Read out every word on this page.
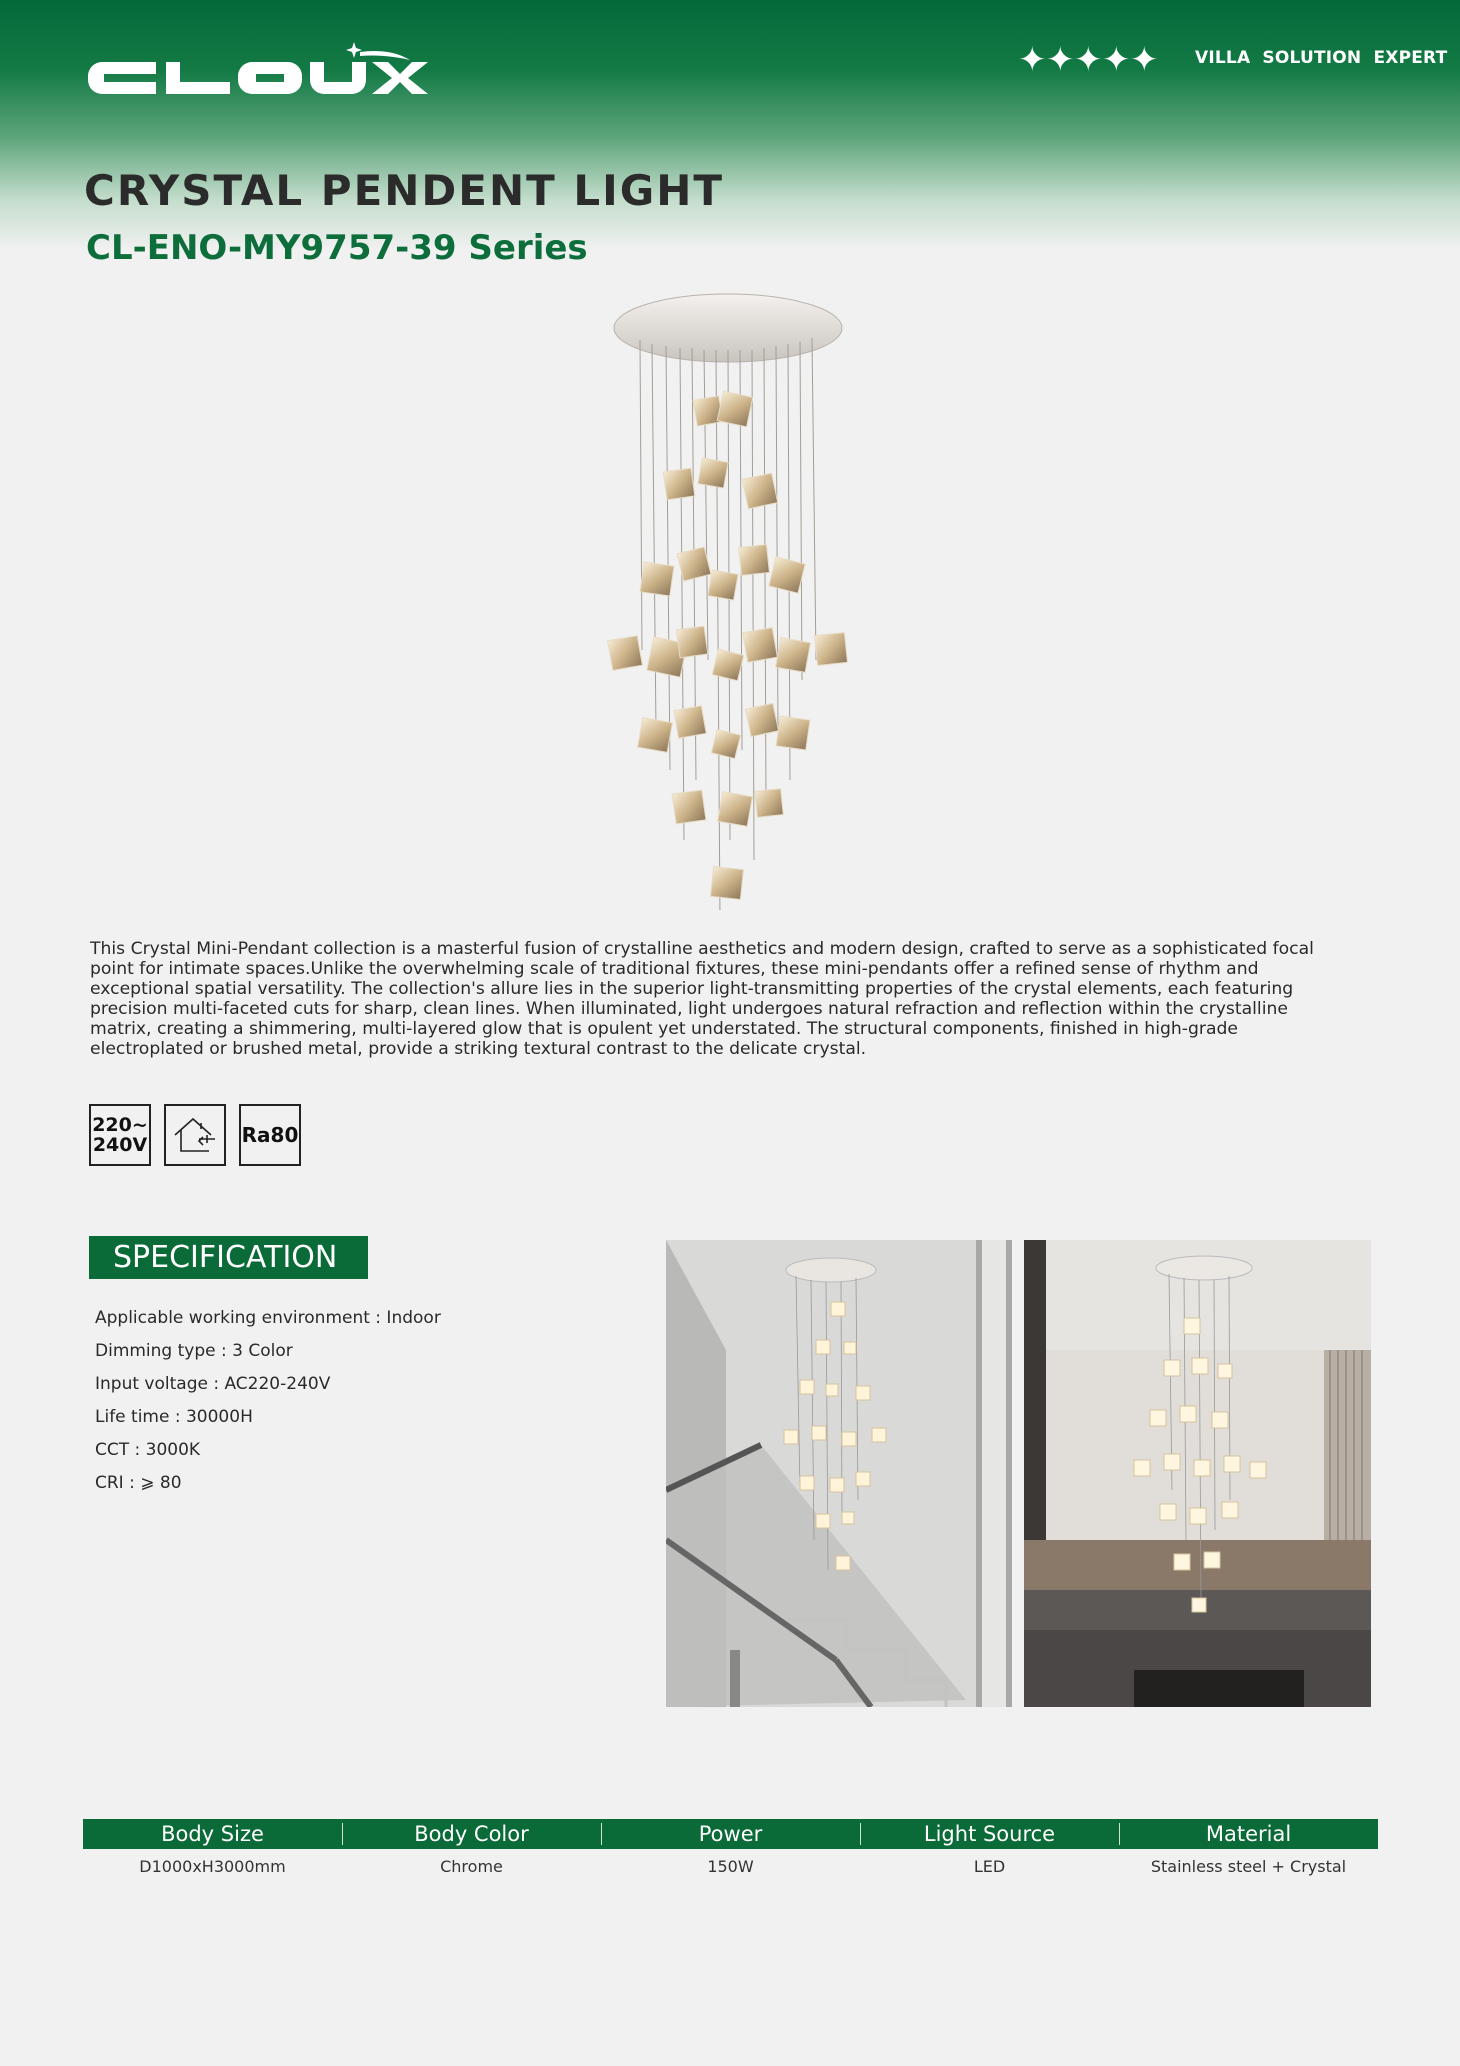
✦ ✦ ✦ ✦ ✦ VILLA SOLUTION EXPERT
CRYSTAL PENDENT LIGHT
CL-ENO-MY9757-39 Series

This Crystal Mini-Pendant collection is a masterful fusion of crystalline aesthetics and modern design, crafted to serve as a sophisticated focal point for intimate spaces.Unlike the overwhelming scale of traditional fixtures, these mini-pendants offer a refined sense of rhythm and exceptional spatial versatility. The collection's allure lies in the superior light-transmitting properties of the crystal elements, each featuring precision multi-faceted cuts for sharp, clean lines. When illuminated, light undergoes natural refraction and reflection within the crystalline matrix, creating a shimmering, multi-layered glow that is opulent yet understated. The structural components, finished in high-grade electroplated or brushed metal, provide a striking textural contrast to the delicate crystal.

220~
240V	Ra80
SPECIFICATION
Applicable working environment : Indoor
Dimming type : 3 Color
Input voltage : AC220-240V
Life time : 30000H
CCT : 3000K
CRI : ⩾ 80
Body Size	Body Color	Power	Light Source	Material
D1000xH3000mm	Chrome	150W	LED	Stainless steel + Crystal
